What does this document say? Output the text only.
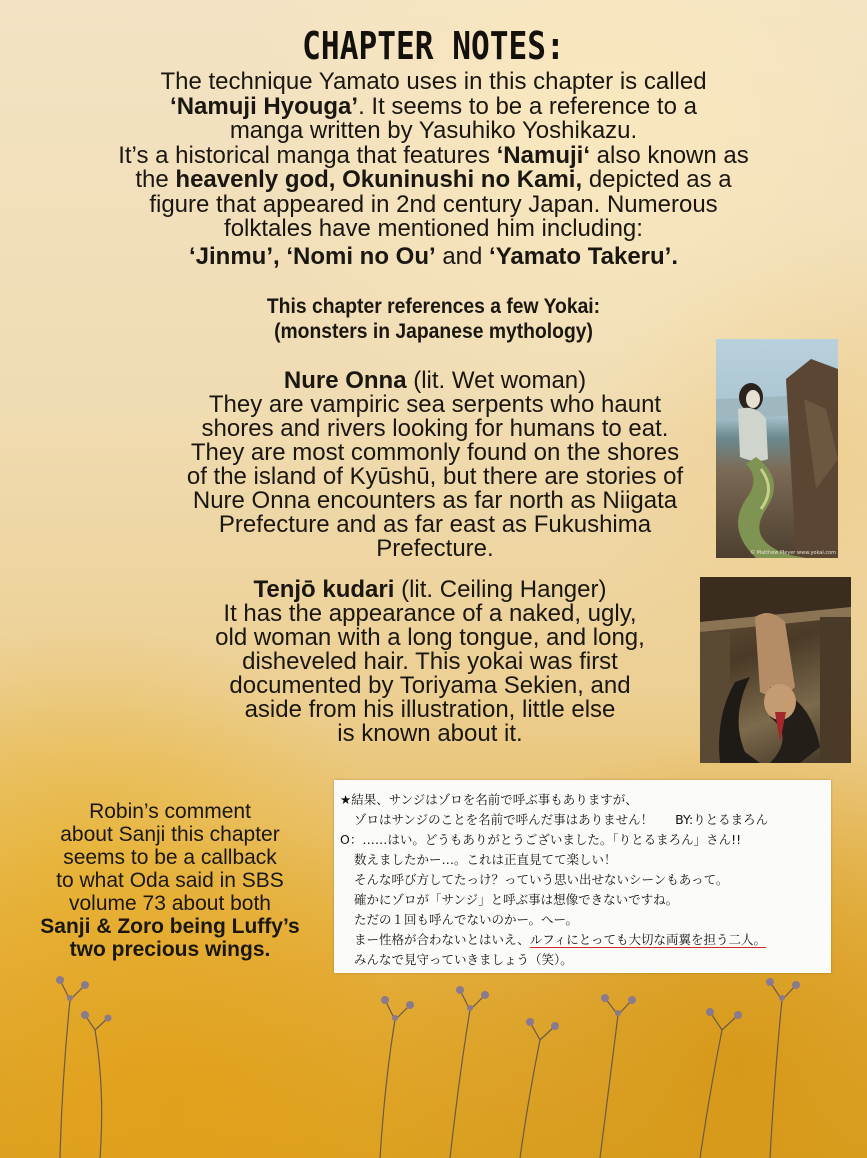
CHAPTER NOTES:
The technique Yamato uses in this chapter is called
‘Namuji Hyouga’. It seems to be a reference to a
manga written by Yasuhiko Yoshikazu.
It’s a historical manga that features ‘Namuji‘ also known as
the heavenly god, Okuninushi no Kami, depicted as a
figure that appeared in 2nd century Japan. Numerous
folktales have mentioned him including:
‘Jinmu’, ‘Nomi no Ou’ and ‘Yamato Takeru’.
This chapter references a few Yokai:
(monsters in Japanese mythology)
Nure Onna (lit. Wet woman)
They are vampiric sea serpents who haunt
shores and rivers looking for humans to eat.
They are most commonly found on the shores
of the island of Kyūshū, but there are stories of
Nure Onna encounters as far north as Niigata
Prefecture and as far east as Fukushima
Prefecture.	© Matthew Meyer www.yokai.com
Tenjō kudari (lit. Ceiling Hanger)
It has the appearance of a naked, ugly,
old woman with a long tongue, and long,
disheveled hair. This yokai was first
documented by Toriyama Sekien, and
aside from his illustration, little else
is known about it.
Robin’s comment
about Sanji this chapter
seems to be a callback
to what Oda said in SBS
volume 73 about both
Sanji & Zoro being Luffy’s
two precious wings.
★結果、サンジはゾロを名前で呼ぶ事もありますが、
ゾロはサンジのことを名前で呼んだ事はありません！ BY:りとるまろん
O：……はい。どうもありがとうございました。「りとるまろん」さん!!
数えましたかー…。これは正直見てて楽しい！
そんな呼び方してたっけ？っていう思い出せないシーンもあって。
確かにゾロが「サンジ」と呼ぶ事は想像できないですね。
ただの１回も呼んでないのかー。へー。
まー性格が合わないとはいえ、ルフィにとっても大切な両翼を担う二人。
みんなで見守っていきましょう（笑）。
